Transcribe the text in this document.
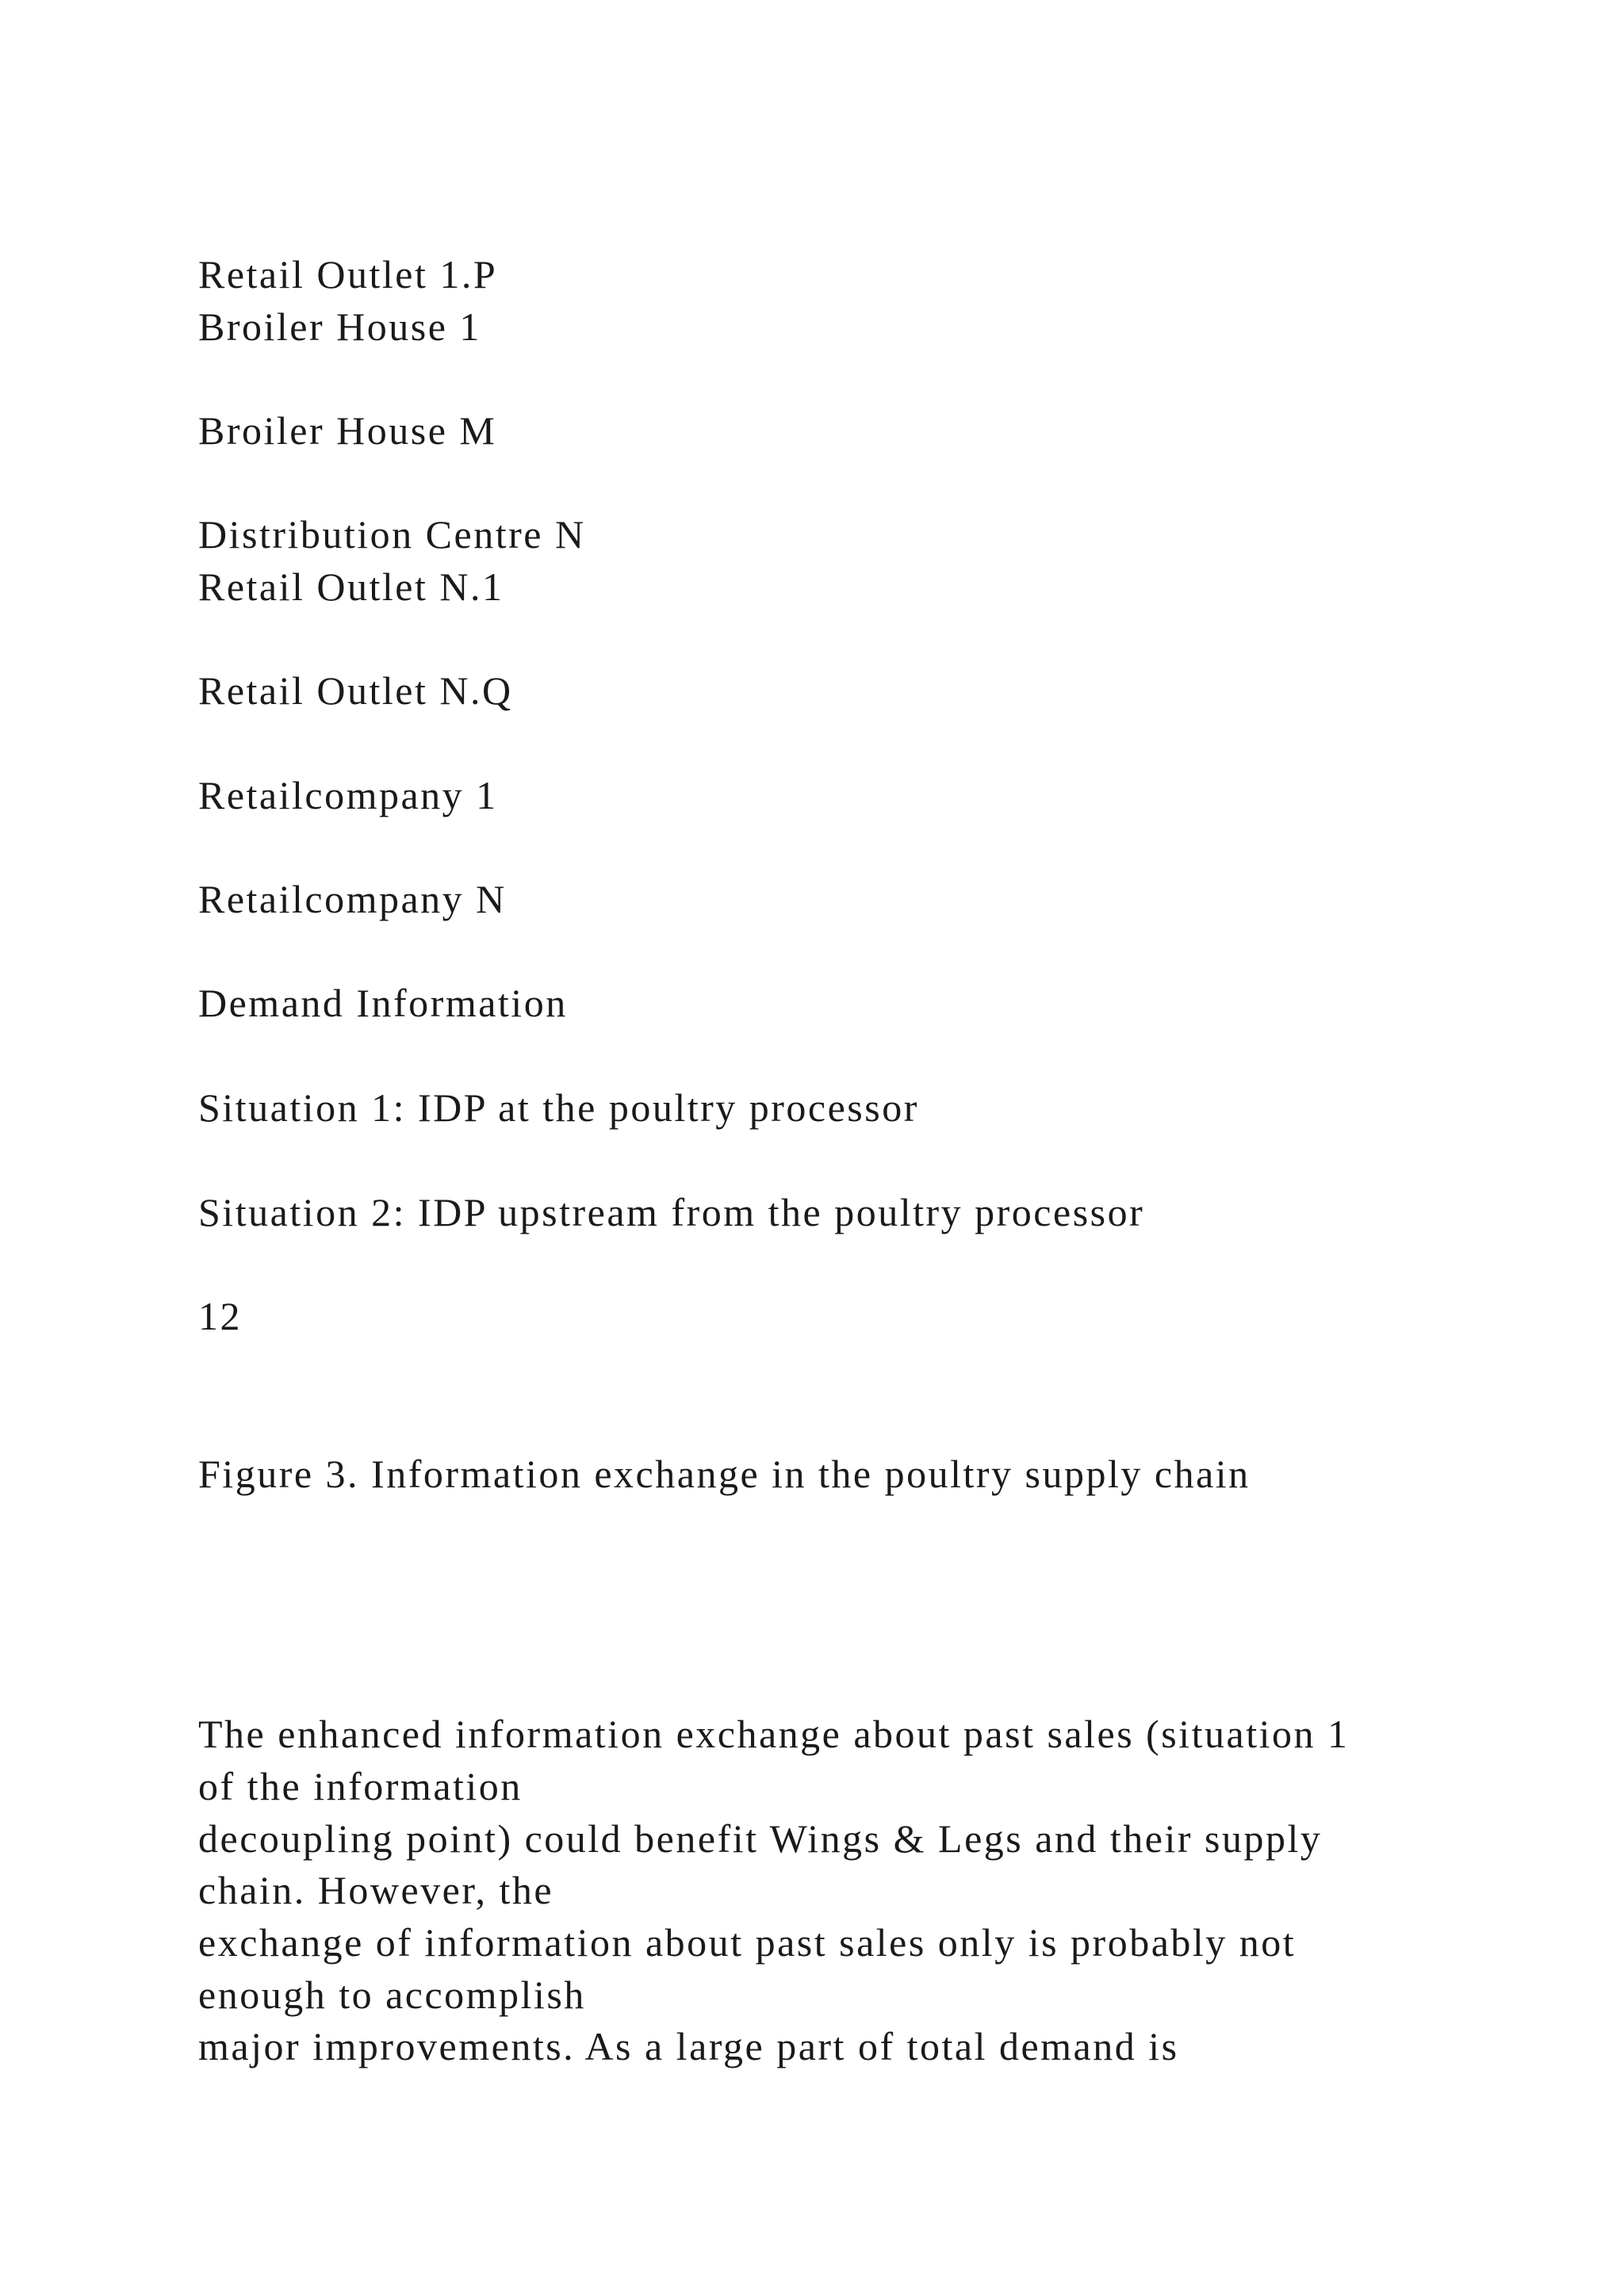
Retail Outlet 1.P

Broiler House 1

Broiler House M

Distribution Centre N

Retail Outlet N.1

Retail Outlet N.Q

Retailcompany 1

Retailcompany N

Demand Information

Situation 1: IDP at the poultry processor

Situation 2: IDP upstream from the poultry processor

12

Figure 3. Information exchange in the poultry supply chain

The enhanced information exchange about past sales (situation 1

of the information

decoupling point) could benefit Wings & Legs and their supply

chain. However, the

exchange of information about past sales only is probably not

enough to accomplish

major improvements. As a large part of total demand is
